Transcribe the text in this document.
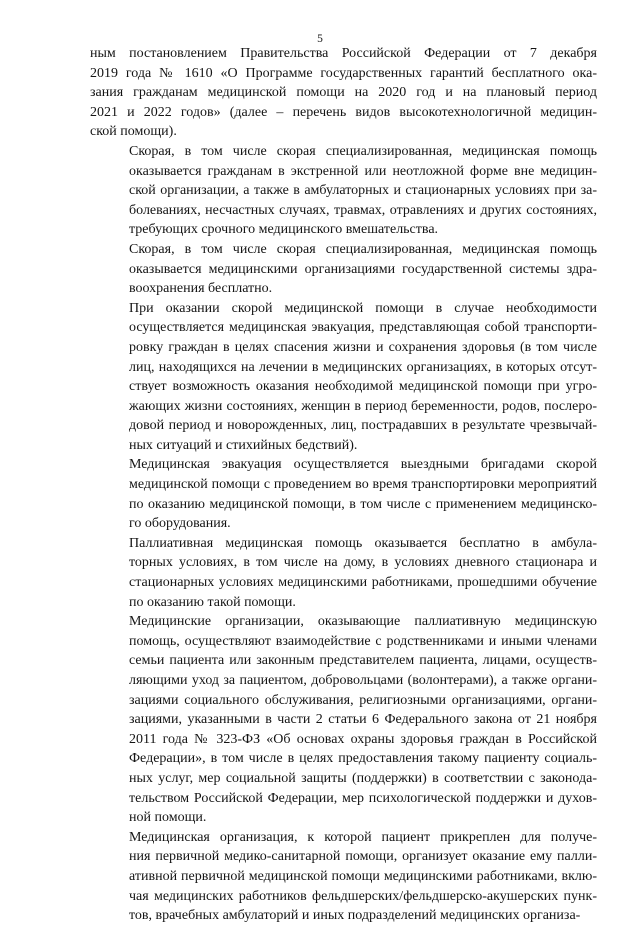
5

ным постановлением Правительства Российской Федерации от 7 декабря
2019 года № 1610 «О Программе государственных гарантий бесплатного ока-
зания гражданам медицинской помощи на 2020 год и на плановый период
2021 и 2022 годов» (далее – перечень видов высокотехнологичной медицин-
ской помощи).

Скорая, в том числе скорая специализированная, медицинская помощь
оказывается гражданам в экстренной или неотложной форме вне медицин-
ской организации, а также в амбулаторных и стационарных условиях при за-
болеваниях, несчастных случаях, травмах, отравлениях и других состояниях,
требующих срочного медицинского вмешательства.

Скорая, в том числе скорая специализированная, медицинская помощь
оказывается медицинскими организациями государственной системы здра-
воохранения бесплатно.

При оказании скорой медицинской помощи в случае необходимости
осуществляется медицинская эвакуация, представляющая собой транспорти-
ровку граждан в целях спасения жизни и сохранения здоровья (в том числе
лиц, находящихся на лечении в медицинских организациях, в которых отсут-
ствует возможность оказания необходимой медицинской помощи при угро-
жающих жизни состояниях, женщин в период беременности, родов, послеро-
довой период и новорожденных, лиц, пострадавших в результате чрезвычай-
ных ситуаций и стихийных бедствий).

Медицинская эвакуация осуществляется выездными бригадами скорой
медицинской помощи с проведением во время транспортировки мероприятий
по оказанию медицинской помощи, в том числе с применением медицинско-
го оборудования.

Паллиативная медицинская помощь оказывается бесплатно в амбула-
торных условиях, в том числе на дому, в условиях дневного стационара и
стационарных условиях медицинскими работниками, прошедшими обучение
по оказанию такой помощи.

Медицинские организации, оказывающие паллиативную медицинскую
помощь, осуществляют взаимодействие с родственниками и иными членами
семьи пациента или законным представителем пациента, лицами, осуществ-
ляющими уход за пациентом, добровольцами (волонтерами), а также органи-
зациями социального обслуживания, религиозными организациями, органи-
зациями, указанными в части 2 статьи 6 Федерального закона от 21 ноября
2011 года № 323-ФЗ «Об основах охраны здоровья граждан в Российской
Федерации», в том числе в целях предоставления такому пациенту социаль-
ных услуг, мер социальной защиты (поддержки) в соответствии с законода-
тельством Российской Федерации, мер психологической поддержки и духов-
ной помощи.

Медицинская организация, к которой пациент прикреплен для получе-
ния первичной медико-санитарной помощи, организует оказание ему палли-
ативной первичной медицинской помощи медицинскими работниками, вклю-
чая медицинских работников фельдшерских/фельдшерско-акушерских пунк-
тов, врачебных амбулаторий и иных подразделений медицинских организа-
